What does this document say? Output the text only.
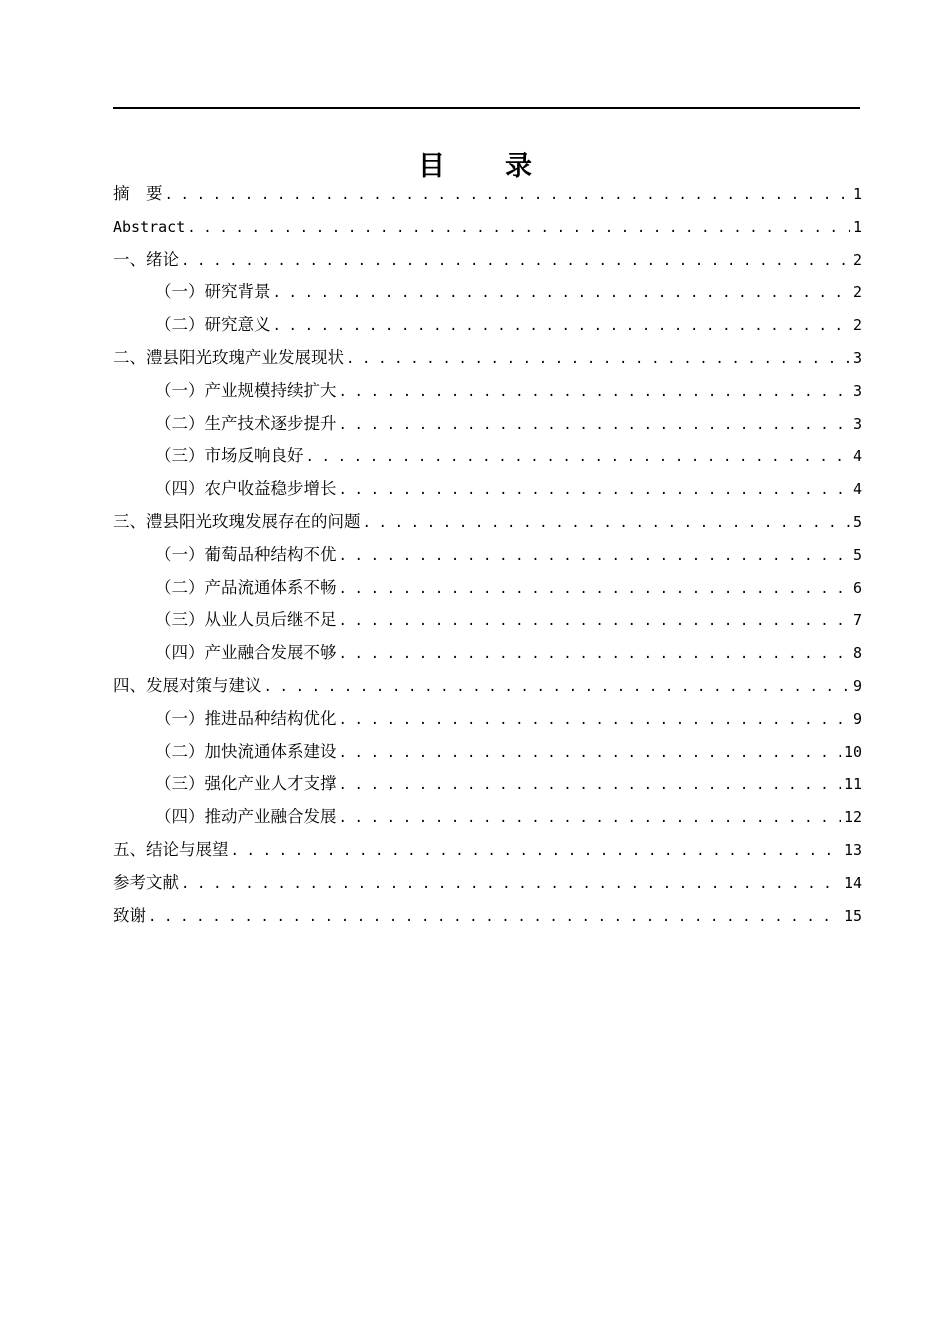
目 录
摘　要 . . .	1
Abstract . . .	1
一、绪论 . . .	2
（一）研究背景 . . .	2
（二）研究意义 . . .	2
二、澧县阳光玫瑰产业发展现状 . . .	3
（一）产业规模持续扩大 . . .	3
（二）生产技术逐步提升 . . .	3
（三）市场反响良好 . . .	4
（四）农户收益稳步增长 . . .	4
三、澧县阳光玫瑰发展存在的问题 . . .	5
（一）葡萄品种结构不优 . . .	5
（二）产品流通体系不畅 . . .	6
（三）从业人员后继不足 . . .	7
（四）产业融合发展不够 . . .	8
四、发展对策与建议 . . .	9
（一）推进品种结构优化 . . .	9
（二）加快流通体系建设 . . .	10
（三）强化产业人才支撑 . . .	11
（四）推动产业融合发展 . . .	12
五、结论与展望 . . .	13
参考文献 . . .	14
致谢 . . .	15
